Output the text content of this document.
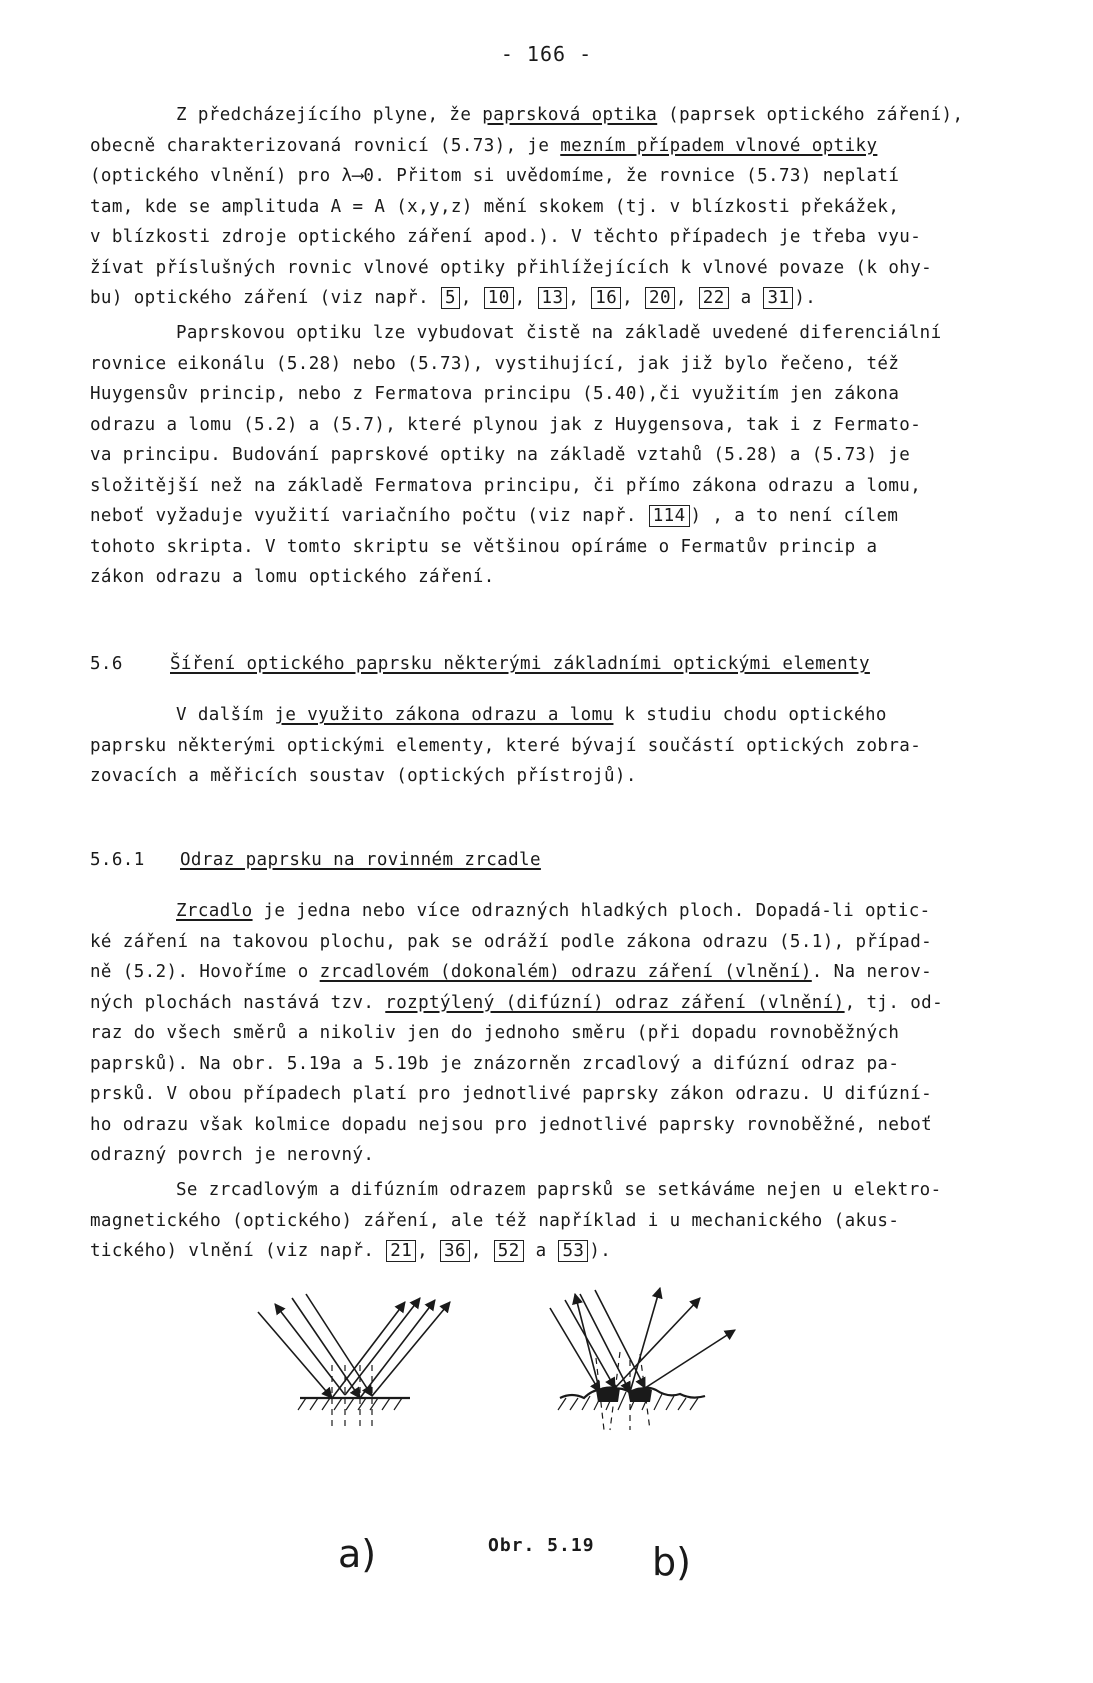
- 166 -
Z předcházejícího plyne, že paprsková optika (paprsek optického záření),
obecně charakterizovaná rovnicí (5.73), je mezním případem vlnové optiky
(optického vlnění) pro λ⟶0. Přitom si uvědomíme, že rovnice (5.73) neplatí
tam, kde se amplituda A = A (x,y,z) mění skokem (tj. v blízkosti překážek,
v blízkosti zdroje optického záření apod.). V těchto případech je třeba vyu-
žívat příslušných rovnic vlnové optiky přihlížejících k vlnové povaze (k ohy-
bu) optického záření (viz např. 5 , 10 , 13 , 16 , 20 , 22 a 31 ).
Paprskovou optiku lze vybudovat čistě na základě uvedené diferenciální
rovnice eikonálu (5.28) nebo (5.73), vystihující, jak již bylo řečeno, též
Huygensův princip, nebo z Fermatova principu (5.40),či využitím jen zákona
odrazu a lomu (5.2) a (5.7), které plynou jak z Huygensova, tak i z Fermato-
va principu. Budování paprskové optiky na základě vztahů (5.28) a (5.73) je
složitější než na základě Fermatova principu, či přímo zákona odrazu a lomu,
neboť vyžaduje využití variačního počtu (viz např. 114 ) , a to není cílem
tohoto skripta. V tomto skriptu se většinou opíráme o Fermatův princip a
zákon odrazu a lomu optického záření.
5.6	Šíření optického paprsku některými základními optickými elementy
V dalším je využito zákona odrazu a lomu k studiu chodu optického
paprsku některými optickými elementy, které bývají součástí optických zobra-
zovacích a měřicích soustav (optických přístrojů).
5.6.1 Odraz paprsku na rovinném zrcadle
Zrcadlo je jedna nebo více odrazných hladkých ploch. Dopadá-li optic-
ké záření na takovou plochu, pak se odráží podle zákona odrazu (5.1), případ-
ně (5.2). Hovoříme o zrcadlovém (dokonalém) odrazu záření (vlnění). Na nerov-
ných plochách nastává tzv. rozptýlený (difúzní) odraz záření (vlnění), tj. od-
raz do všech směrů a nikoliv jen do jednoho směru (při dopadu rovnoběžných
paprsků). Na obr. 5.19a a 5.19b je znázorněn zrcadlový a difúzní odraz pa-
prsků. V obou případech platí pro jednotlivé paprsky zákon odrazu. U difúzní-
ho odrazu však kolmice dopadu nejsou pro jednotlivé paprsky rovnoběžné, neboť
odrazný povrch je nerovný.
Se zrcadlovým a difúzním odrazem paprsků se setkáváme nejen u elektro-
magnetického (optického) záření, ale též například i u mechanického (akus-
tického) vlnění (viz např. 21 , 36 , 52 a 53 ).
a)	Obr. 5.19 b)
